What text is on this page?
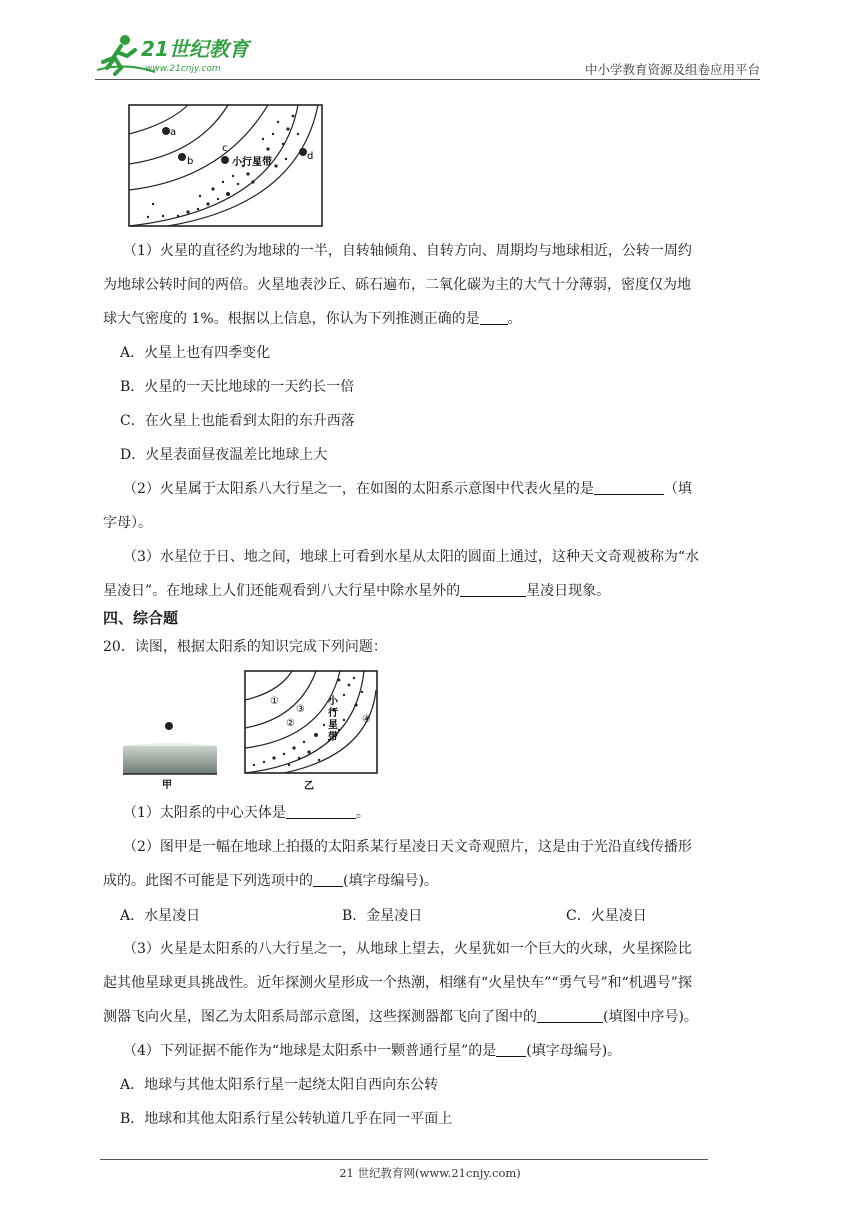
21世纪教育
www.21cnjy.com	中小学教育资源及组卷应用平台
a
b
c
d
小行星带

（1）火星的直径约为地球的一半，自转轴倾角、自转方向、周期均与地球相近，公转一周约

为地球公转时间的两倍。火星地表沙丘、砾石遍布，二氧化碳为主的大气十分薄弱，密度仅为地

球大气密度的 1%。根据以上信息，你认为下列推测正确的是 。

A．火星上也有四季变化

B．火星的一天比地球的一天约长一倍

C．在火星上也能看到太阳的东升西落

D．火星表面昼夜温差比地球上大

（2）火星属于太阳系八大行星之一，在如图的太阳系示意图中代表火星的是	（填

字母）。

（3）水星位于日、地之间，地球上可看到水星从太阳的圆面上通过，这种天文奇观被称为“水

星凌日”。在地球上人们还能观看到八大行星中除水星外的	星凌日现象。

四、综合题

20．读图，根据太阳系的知识完成下列问题：

甲
①
②
③
④
小
行
星
带
乙

（1）太阳系的中心天体是	。

（2）图甲是一幅在地球上拍摄的太阳系某行星凌日天文奇观照片，这是由于光沿直线传播形

成的。此图不可能是下列选项中的 (填字母编号)。

A．水星凌日	B．金星凌日	C．火星凌日

（3）火星是太阳系的八大行星之一，从地球上望去，火星犹如一个巨大的火球，火星探险比

起其他星球更具挑战性。近年探测火星形成一个热潮，相继有“火星快车”“勇气号”和“机遇号”探

测器飞向火星，图乙为太阳系局部示意图，这些探测器都飞向了图中的	(填图中序号)。

（4）下列证据不能作为“地球是太阳系中一颗普通行星”的是 (填字母编号)。

A．地球与其他太阳系行星一起绕太阳自西向东公转

B．地球和其他太阳系行星公转轨道几乎在同一平面上

21 世纪教育网(www.21cnjy.com)
